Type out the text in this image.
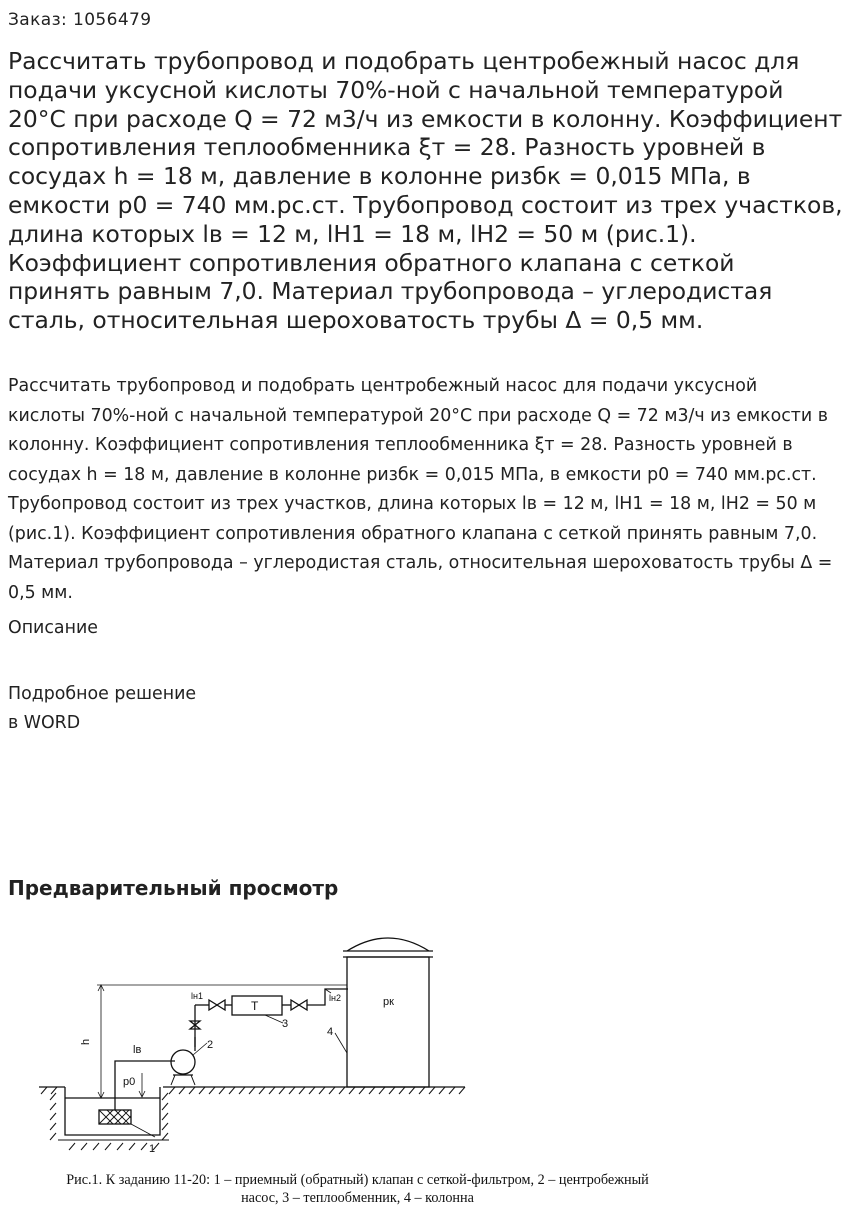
Заказ: 1056479

Рассчитать трубопровод и подобрать центробежный насос для подачи уксусной кислоты 70%-ной с начальной температурой 20°С при расходе Q = 72 м3/ч из емкости в колонну. Коэффициент сопротивления теплообменника ξт = 28. Разность уровней в сосудах h = 18 м, давление в колонне ризбк = 0,015 МПа, в емкости р0 = 740 мм.рс.ст. Трубопровод состоит из трех участков, длина которых lв = 12 м, lН1 = 18 м, lН2 = 50 м (рис.1). Коэффициент сопротивления обратного клапана с сеткой принять равным 7,0. Материал трубопровода – углеродистая сталь, относительная шероховатость трубы Δ = 0,5 мм.

Рассчитать трубопровод и подобрать центробежный насос для подачи уксусной кислоты 70%-ной с начальной температурой 20°С при расходе Q = 72 м3/ч из емкости в колонну. Коэффициент сопротивления теплообменника ξт = 28. Разность уровней в сосудах h = 18 м, давление в колонне ризбк = 0,015 МПа, в емкости р0 = 740 мм.рс.ст. Трубопровод состоит из трех участков, длина которых lв = 12 м, lН1 = 18 м, lН2 = 50 м (рис.1). Коэффициент сопротивления обратного клапана с сеткой принять равным 7,0. Материал трубопровода – углеродистая сталь, относительная шероховатость трубы Δ = 0,5 мм.

Описание
Подробное решение
в WORD
Предварительный просмотр
h
lв
р0
lн1	lн2
T	рк
1
2
3
4
Рис.1. К заданию 11-20: 1 – приемный (обратный) клапан с сеткой-фильтром, 2 – центробежный
насос, 3 – теплообменник, 4 – колонна
